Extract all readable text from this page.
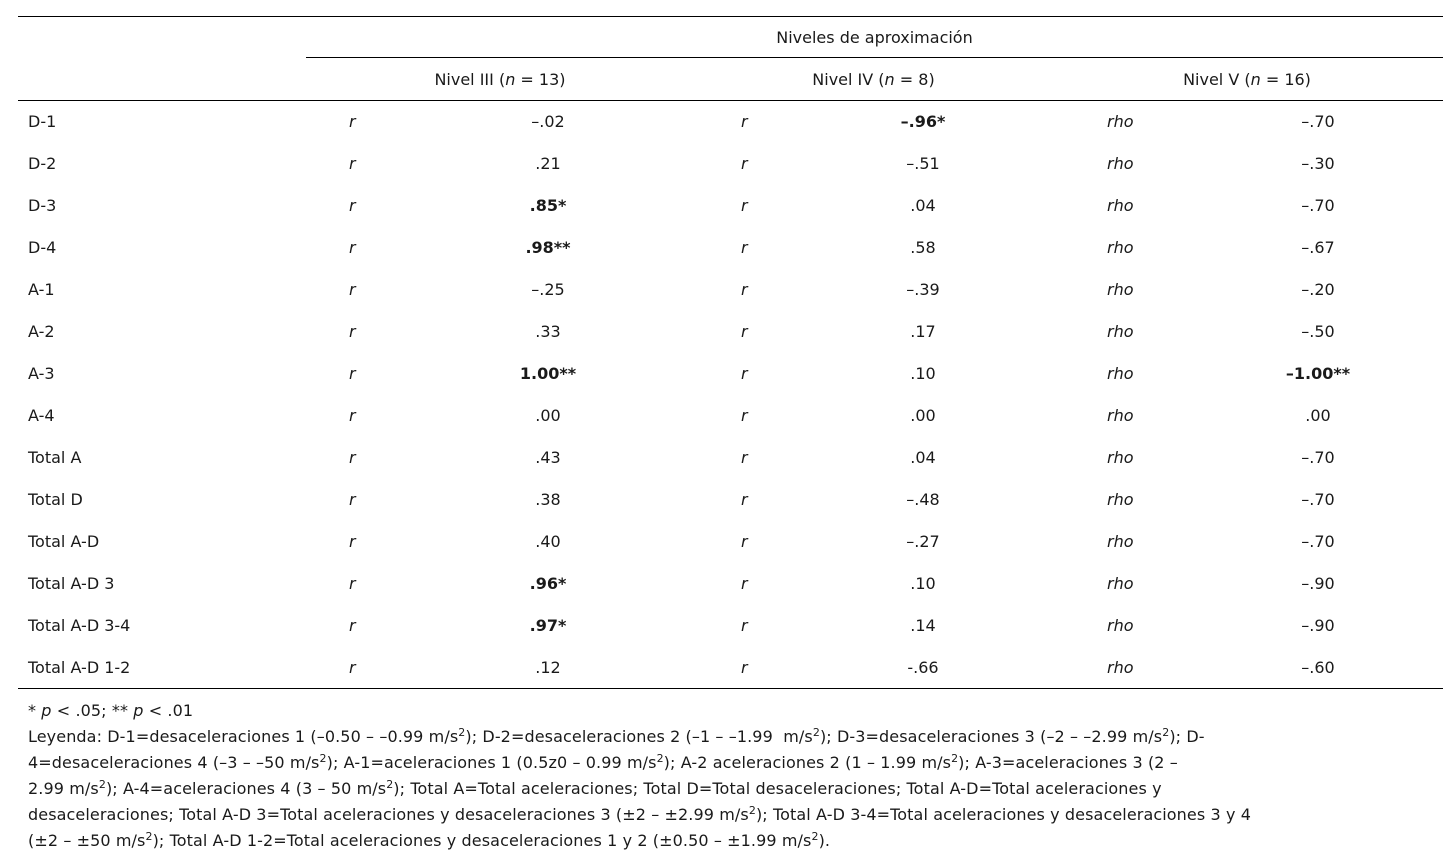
Niveles de aproximación
Nivel III (n = 13)	Nivel IV (n = 8)	Nivel V (n = 16)
D-1	r	–.02	r	–.96*	rho	–.70
D-2	r	.21	r	–.51	rho	–.30
D-3	r	.85*	r	.04	rho	–.70
D-4	r	.98**	r	.58	rho	–.67
A-1	r	–.25	r	–.39	rho	–.20
A-2	r	.33	r	.17	rho	–.50
A-3	r	1.00**	r	.10	rho	–1.00**
A-4	r	.00	r	.00	rho	.00
Total A	r	.43	r	.04	rho	–.70
Total D	r	.38	r	–.48	rho	–.70
Total A-D	r	.40	r	–.27	rho	–.70
Total A-D 3	r	.96*	r	.10	rho	–.90
Total A-D 3-4	r	.97*	r	.14	rho	–.90
Total A-D 1-2	r	.12	r	-.66	rho	–.60
* p < .05; ** p < .01
Leyenda: D-1=desaceleraciones 1 (–0.50 – –0.99 $m/s^2$); D-2=desaceleraciones 2 (–1 – –1.99  $m/s^2$); D-3=desaceleraciones 3 (–2 – –2.99 $m/s^2$); D-
4=desaceleraciones 4 (–3 – –50 $m/s^2$); A-1=aceleraciones 1 (0.5z0 – 0.99 $m/s^2$); A-2 aceleraciones 2 (1 – 1.99 $m/s^2$); A-3=aceleraciones 3 (2 –
2.99 $m/s^2$); A-4=aceleraciones 4 (3 – 50 $m/s^2$); Total A=Total aceleraciones; Total D=Total desaceleraciones; Total A-D=Total aceleraciones y
desaceleraciones; Total A-D 3=Total aceleraciones y desaceleraciones 3 (±2 – ±2.99 $m/s^2$); Total A-D 3-4=Total aceleraciones y desaceleraciones 3 y 4
(±2 – ±50 $m/s^2$); Total A-D 1-2=Total aceleraciones y desaceleraciones 1 y 2 (±0.50 – ±1.99 $m/s^2$).
